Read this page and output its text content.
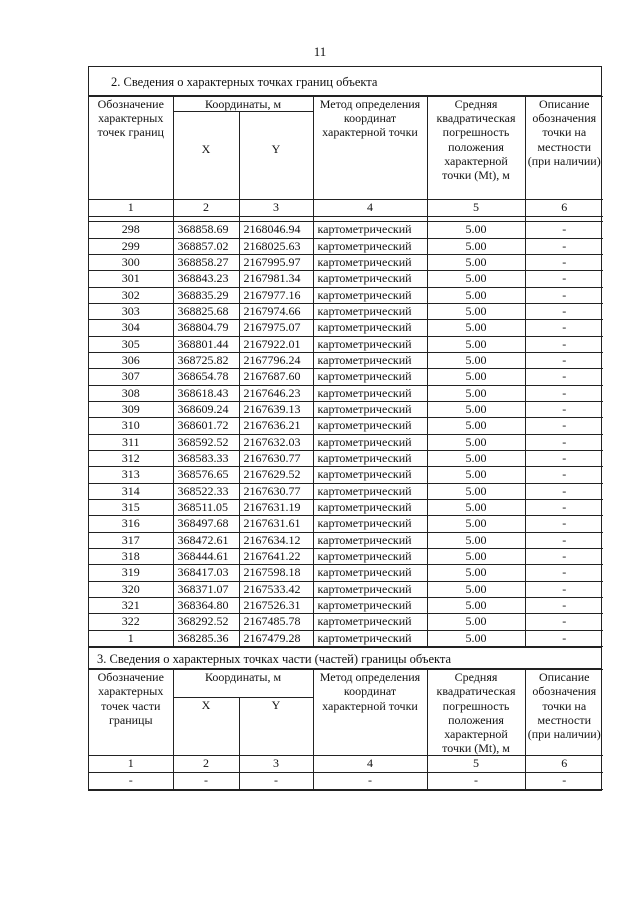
11
2. Сведения о характерных точках границ объекта
Обозначение характерных точек границ	Координаты, м		Метод определения координат характерной точки	Средняя квадратическая погрешность положения характерной точки (Mt), м	Описание обозначения точки на местности (при наличии)
	X	Y			
1	2	3	4	5	6

298	368858.69	2168046.94	картометрический	5.00	-
299	368857.02	2168025.63	картометрический	5.00	-
300	368858.27	2167995.97	картометрический	5.00	-
301	368843.23	2167981.34	картометрический	5.00	-
302	368835.29	2167977.16	картометрический	5.00	-
303	368825.68	2167974.66	картометрический	5.00	-
304	368804.79	2167975.07	картометрический	5.00	-
305	368801.44	2167922.01	картометрический	5.00	-
306	368725.82	2167796.24	картометрический	5.00	-
307	368654.78	2167687.60	картометрический	5.00	-
308	368618.43	2167646.23	картометрический	5.00	-
309	368609.24	2167639.13	картометрический	5.00	-
310	368601.72	2167636.21	картометрический	5.00	-
311	368592.52	2167632.03	картометрический	5.00	-
312	368583.33	2167630.77	картометрический	5.00	-
313	368576.65	2167629.52	картометрический	5.00	-
314	368522.33	2167630.77	картометрический	5.00	-
315	368511.05	2167631.19	картометрический	5.00	-
316	368497.68	2167631.61	картометрический	5.00	-
317	368472.61	2167634.12	картометрический	5.00	-
318	368444.61	2167641.22	картометрический	5.00	-
319	368417.03	2167598.18	картометрический	5.00	-
320	368371.07	2167533.42	картометрический	5.00	-
321	368364.80	2167526.31	картометрический	5.00	-
322	368292.52	2167485.78	картометрический	5.00	-
1	368285.36	2167479.28	картометрический	5.00	-
3. Сведения о характерных точках части (частей) границы объекта
Обозначение характерных точек части границы	Координаты, м		Метод определения координат характерной точки	Средняя квадратическая погрешность положения характерной точки (Mt), м	Описание обозначения точки на местности (при наличии)
	X	Y			
1	2	3	4	5	6
-	-	-	-	-	-
